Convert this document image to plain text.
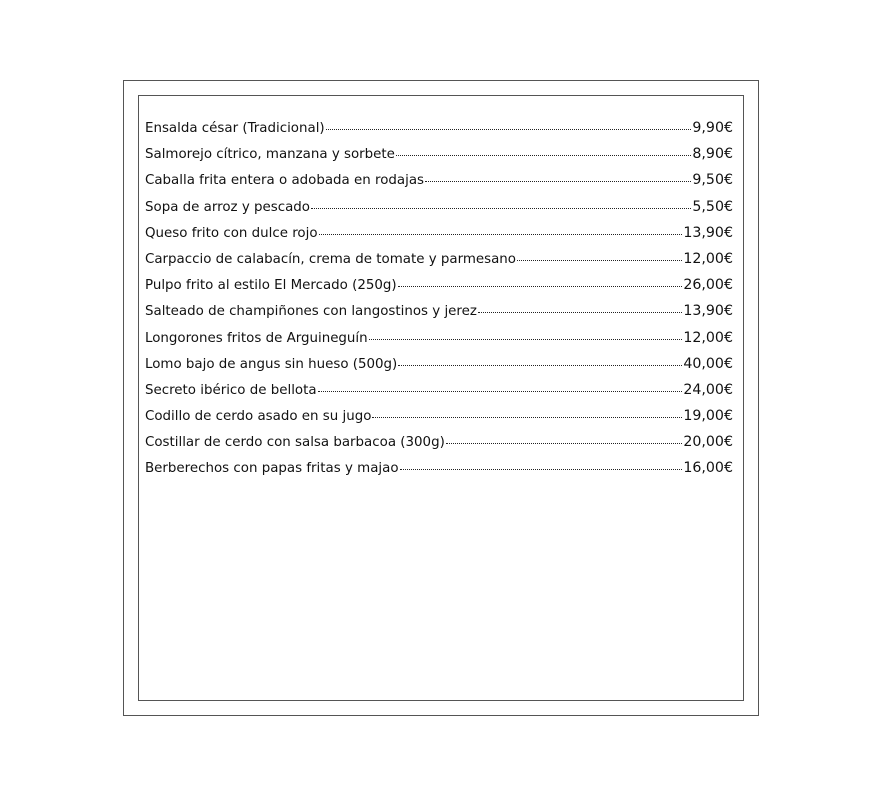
Ensalda césar (Tradicional)	9,90€
Salmorejo cítrico, manzana y sorbete	8,90€
Caballa frita entera o adobada en rodajas	9,50€
Sopa de arroz y pescado	5,50€
Queso frito con dulce rojo	13,90€
Carpaccio de calabacín, crema de tomate y parmesano	12,00€
Pulpo frito al estilo El Mercado (250g)	26,00€
Salteado de champiñones con langostinos y jerez	13,90€
Longorones fritos de Arguineguín	12,00€
Lomo bajo de angus sin hueso (500g)	40,00€
Secreto ibérico de bellota	24,00€
Codillo de cerdo asado en su jugo	19,00€
Costillar de cerdo con salsa barbacoa (300g)	20,00€
Berberechos con papas fritas y majao	16,00€
